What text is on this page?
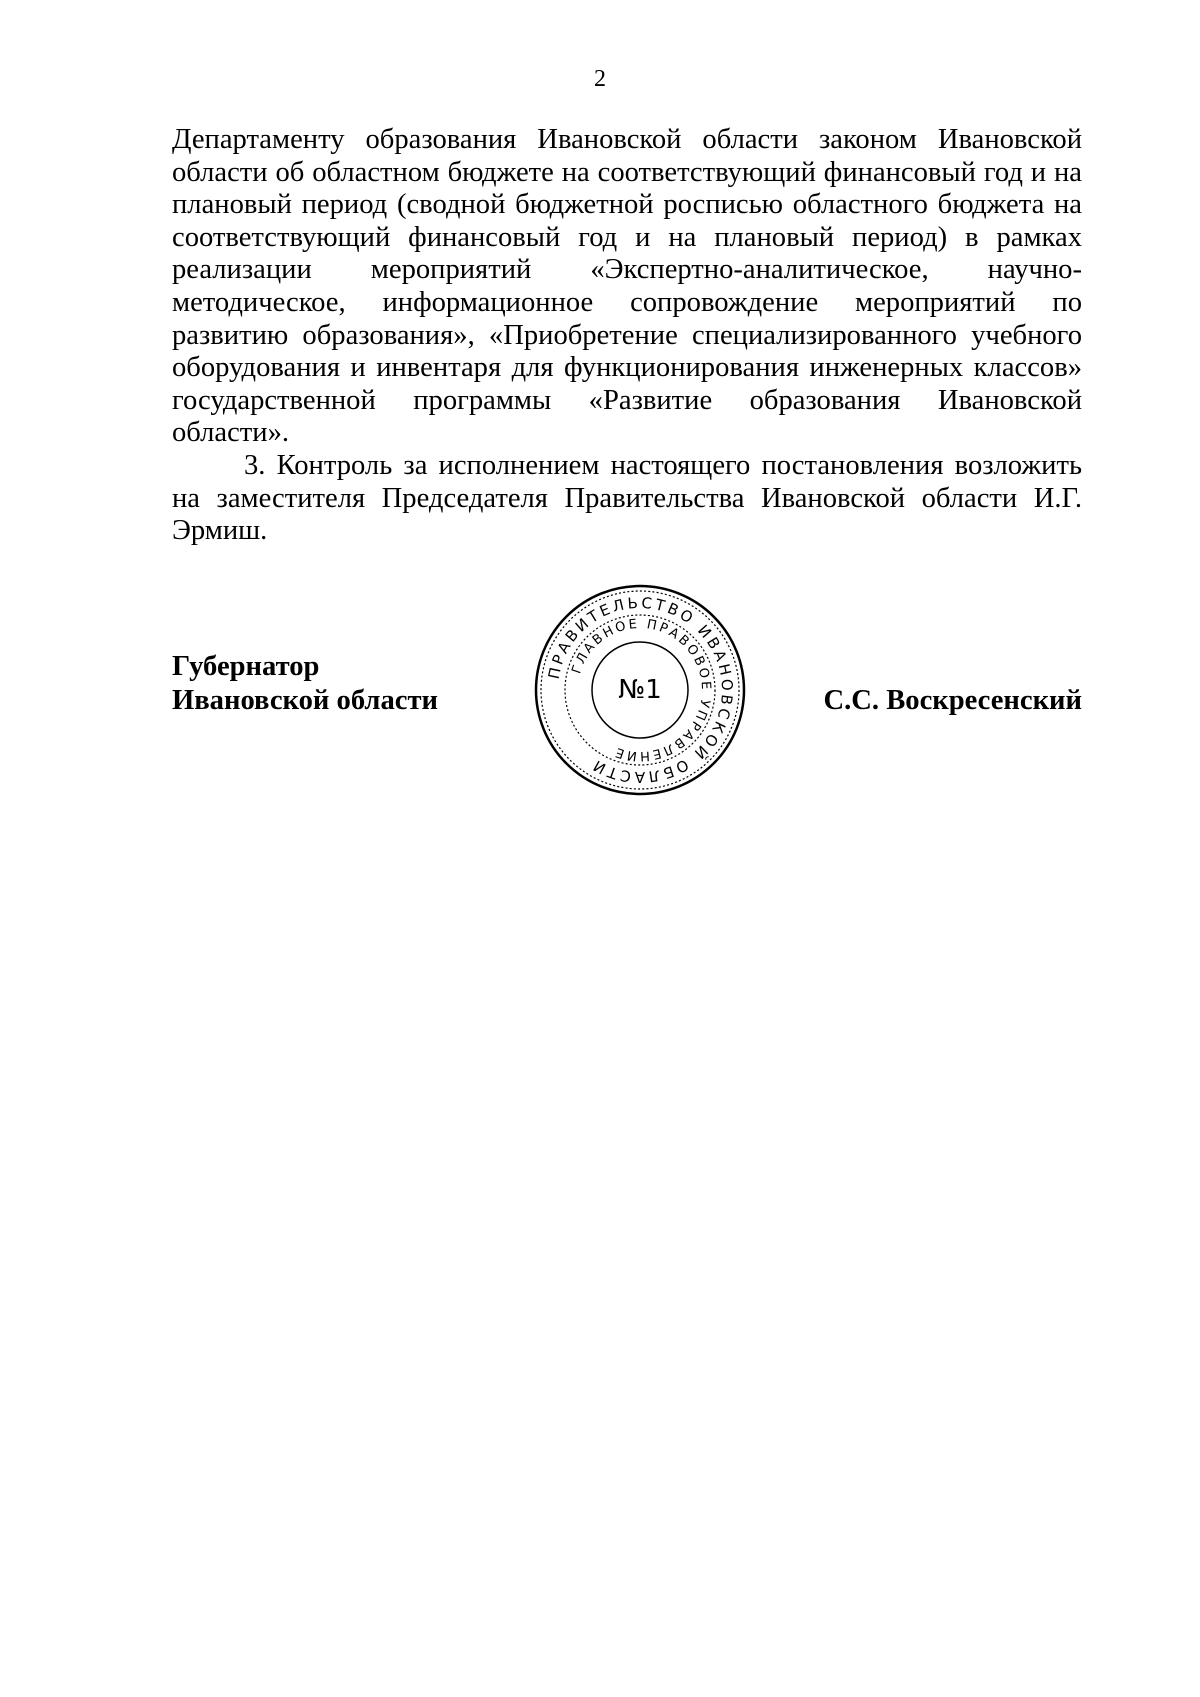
2

Департаменту образования Ивановской области законом Ивановской области об областном бюджете на соответствующий финансовый год и на плановый период (сводной бюджетной росписью областного бюджета на соответствующий финансовый год и на плановый период) в рамках реализации мероприятий «Экспертно-аналитическое, научно-методическое, информационное сопровождение мероприятий по развитию образования», «Приобретение специализированного учебного оборудования и инвентаря для функционирования инженерных классов» государственной программы «Развитие образования Ивановской области».

3. Контроль за исполнением настоящего постановления возложить на заместителя Председателя Правительства Ивановской области И.Г. Эрмиш.

Губернатор
Ивановской области
ПРАВИТЕЛЬСТВО ИВАНОВСКОЙ ОБЛАСТИ
ГЛАВНОЕ ПРАВОВОЕ УПРАВЛЕНИЕ
№1	С.С. Воскресенский
